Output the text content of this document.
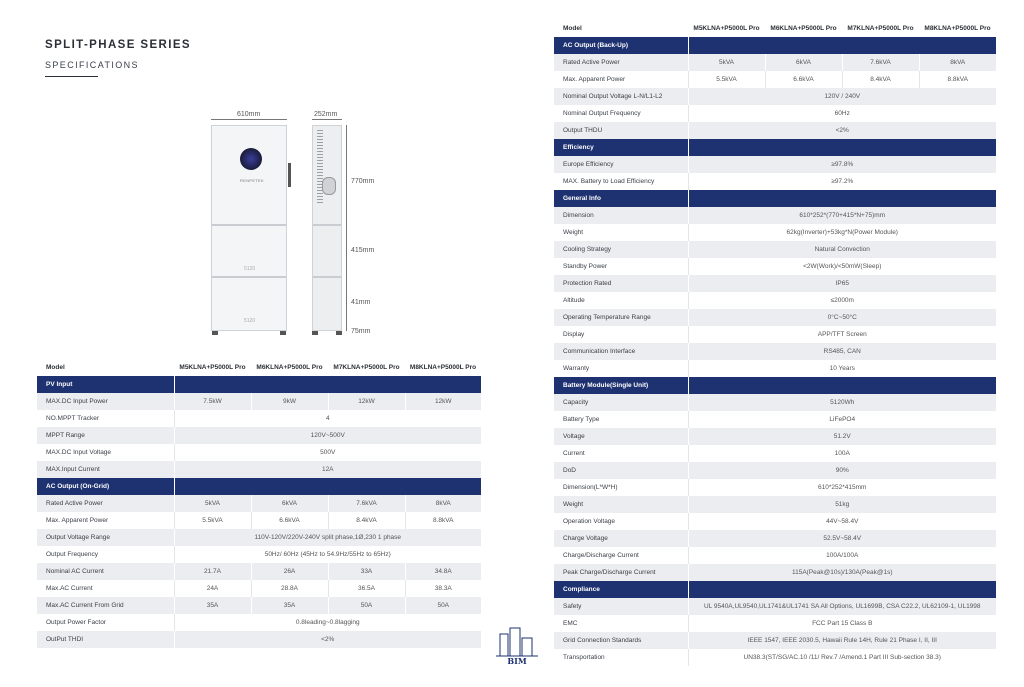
SPLIT-PHASE SERIES
SPECIFICATIONS
610mm	252mm
RENPETEK
5120
5120
770mm
415mm
41mm
75mm
Model	M5KLNA+P5000L Pro	M6KLNA+P5000L Pro	M7KLNA+P5000L Pro	M8KLNA+P5000L Pro
PV Input				
MAX.DC Input Power	7.5kW	9kW	12kW	12kW
NO.MPPT Tracker	4			
MPPT Range	120V~500V			
MAX.DC Input Voltage	500V			
MAX.Input Current	12A			
AC Output (On-Grid)				
Rated Active Power	5kVA	6kVA	7.6kVA	8kVA
Max. Apparent Power	5.5kVA	6.6kVA	8.4kVA	8.8kVA
Output Voltage Range	110V-120V/220V-240V split phase,1Ø,230 1 phase			
Output Frequency	50Hz/ 60Hz (45Hz to 54.9Hz/55Hz to 65Hz)			
Nominal AC Current	21.7A	26A	33A	34.8A
Max.AC Current	24A	28.8A	36.5A	38.3A
Max.AC Current From Grid	35A	35A	50A	50A
Output Power Factor	0.8leading~0.8lagging			
OutPut THDI	<2%			
Model	M5KLNA+P5000L Pro	M6KLNA+P5000L Pro	M7KLNA+P5000L Pro	M8KLNA+P5000L Pro
AC Output (Back-Up)				
Rated Active Power	5kVA	6kVA	7.6kVA	8kVA
Max. Apparent Power	5.5kVA	6.6kVA	8.4kVA	8.8kVA
Nominal Output Voltage L-N/L1-L2	120V / 240V			
Nominal Output Frequency	60Hz			
Output THDU	<2%			
Efficiency				
Europe Efficiency	≥97.8%			
MAX. Battery to Load Efficiency	≥97.2%			
General Info				
Dimension	610*252*(770+415*N+75)mm			
Weight	62kg(Inverter)+53kg*N(Power Module)			
Cooling Strategy	Natural Convection			
Standby Power	<2W(Work)/<50mW(Sleep)			
Protection Rated	IP65			
Altitude	≤2000m			
Operating Temperature Range	0°C~50°C			
Display	APP/TFT Screen			
Communication Interface	RS485, CAN			
Warranty	10 Years			
Battery Module(Single Unit)				
Capacity	5120Wh			
Battery Type	LiFePO4			
Voltage	51.2V			
Current	100A			
DoD	90%			
Dimension(L*W*H)	610*252*415mm			
Weight	51kg			
Operation Voltage	44V~58.4V			
Charge Voltage	52.5V~58.4V			
Charge/Discharge Current	100A/100A			
Peak Charge/Discharge Current	115A(Peak@10s)/130A(Peak@1s)			
Compliance				
Safety	UL 9540A,UL9540,UL1741&UL1741 SA All Options, UL1699B, CSA C22.2, UL62109-1, UL1998			
EMC	FCC Part 15 Class B			
Grid Connection Standards	IEEE 1547, IEEE 2030.5, Hawaii Rule 14H, Rule 21 Phase I, II, III			
Transportation	UN38.3(ST/SG/AC.10 /11/ Rev.7 /Amend.1 Part III Sub-section 38.3)			
BIM
